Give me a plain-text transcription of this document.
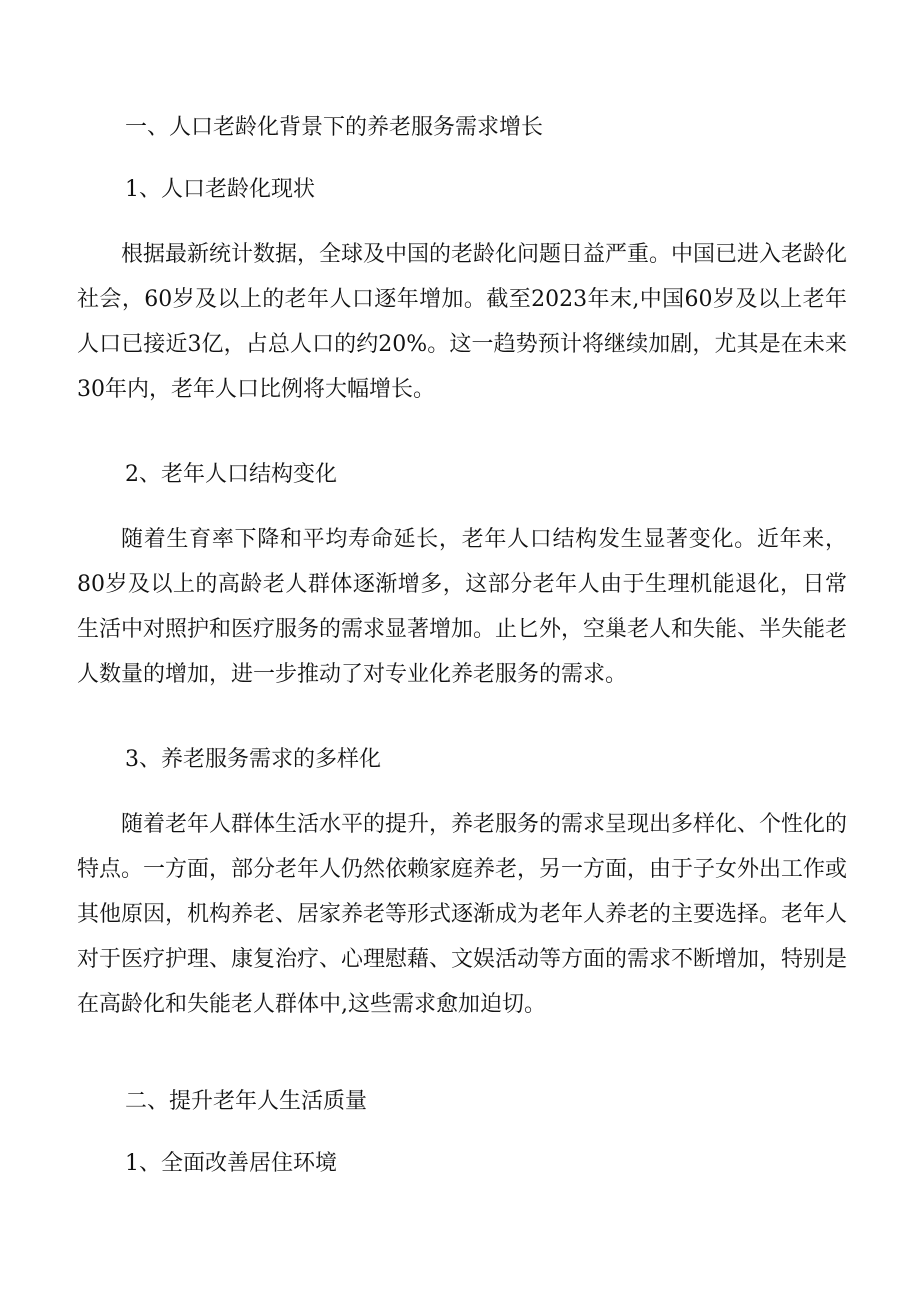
一、人口老龄化背景下的养老服务需求增长
1、人口老龄化现状
根据最新统计数据，全球及中国的老龄化问题日益严重。中国已进入老龄化社会，60岁及以上的老年人口逐年增加。截至2023年末,中国60岁及以上老年人口已接近3亿，占总人口的约20%。这一趋势预计将继续加剧，尤其是在未来30年内，老年人口比例将大幅增长。
2、老年人口结构变化
随着生育率下降和平均寿命延长，老年人口结构发生显著变化。近年来，80岁及以上的高龄老人群体逐渐增多，这部分老年人由于生理机能退化，日常生活中对照护和医疗服务的需求显著增加。止匕外，空巢老人和失能、半失能老人数量的增加，进一步推动了对专业化养老服务的需求。
3、养老服务需求的多样化
随着老年人群体生活水平的提升，养老服务的需求呈现出多样化、个性化的特点。一方面，部分老年人仍然依赖家庭养老，另一方面，由于子女外出工作或其他原因，机构养老、居家养老等形式逐渐成为老年人养老的主要选择。老年人对于医疗护理、康复治疗、心理慰藉、文娱活动等方面的需求不断增加，特别是在高龄化和失能老人群体中,这些需求愈加迫切。
二、提升老年人生活质量
1、全面改善居住环境
